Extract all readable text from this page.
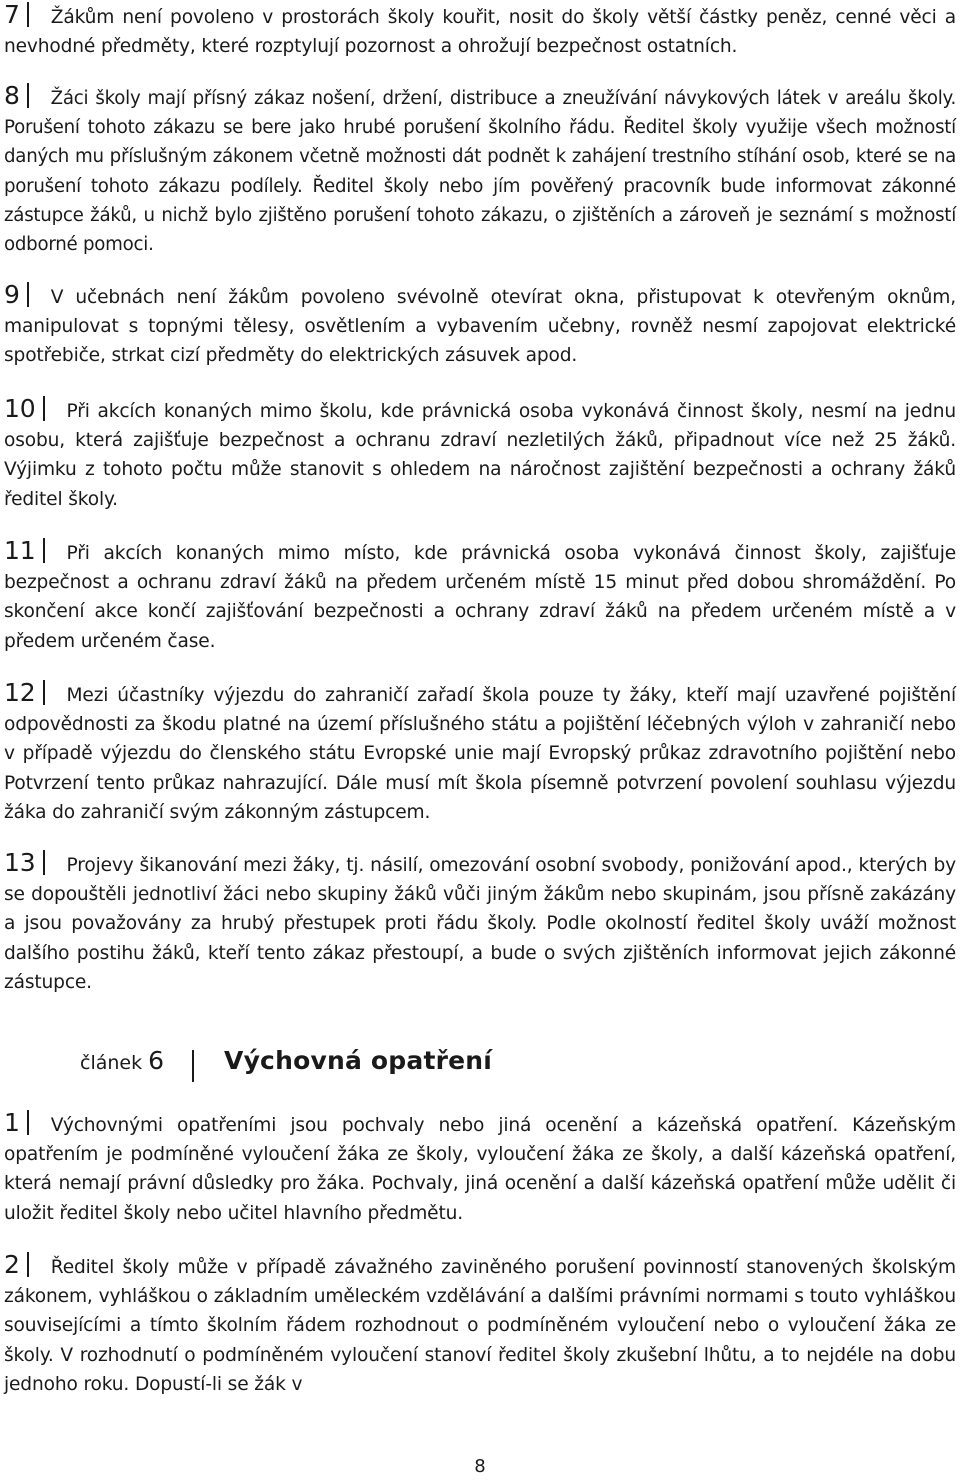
7 Žákům není povoleno v prostorách školy kouřit, nosit do školy větší částky peněz, cenné věci a nevhodné předměty, které rozptylují pozornost a ohrožují bezpečnost ostatních.

8 Žáci školy mají přísný zákaz nošení, držení, distribuce a zneužívání návykových látek v areálu školy. Porušení tohoto zákazu se bere jako hrubé porušení školního řádu. Ředitel školy využije všech možností daných mu příslušným zákonem včetně možnosti dát podnět k zahájení trestního stíhání osob, které se na porušení tohoto zákazu podílely. Ředitel školy nebo jím pověřený pracovník bude informovat zákonné zástupce žáků, u nichž bylo zjištěno porušení tohoto zákazu, o zjištěních a zároveň je seznámí s možností odborné pomoci.

9 V učebnách není žákům povoleno svévolně otevírat okna, přistupovat k otevřeným oknům, manipulovat s topnými tělesy, osvětlením a vybavením učebny, rovněž nesmí zapojovat elektrické spotřebiče, strkat cizí předměty do elektrických zásuvek apod.

10 Při akcích konaných mimo školu, kde právnická osoba vykonává činnost školy, nesmí na jednu osobu, která zajišťuje bezpečnost a ochranu zdraví nezletilých žáků, připadnout více než 25 žáků. Výjimku z tohoto počtu může stanovit s ohledem na náročnost zajištění bezpečnosti a ochrany žáků ředitel školy.

11 Při akcích konaných mimo místo, kde právnická osoba vykonává činnost školy, zajišťuje bezpečnost a ochranu zdraví žáků na předem určeném místě 15 minut před dobou shromáždění. Po skončení akce končí zajišťování bezpečnosti a ochrany zdraví žáků na předem určeném místě a v předem určeném čase.

12 Mezi účastníky výjezdu do zahraničí zařadí škola pouze ty žáky, kteří mají uzavřené pojištění odpovědnosti za škodu platné na území příslušného státu a pojištění léčebných výloh v zahraničí nebo v případě výjezdu do členského státu Evropské unie mají Evropský průkaz zdravotního pojištění nebo Potvrzení tento průkaz nahrazující. Dále musí mít škola písemně potvrzení povolení souhlasu výjezdu žáka do zahraničí svým zákonným zástupcem.

13 Projevy šikanování mezi žáky, tj. násilí, omezování osobní svobody, ponižování apod., kterých by se dopouštěli jednotliví žáci nebo skupiny žáků vůči jiným žákům nebo skupinám, jsou přísně zakázány a jsou považovány za hrubý přestupek proti řádu školy. Podle okolností ředitel školy uváží možnost dalšího postihu žáků, kteří tento zákaz přestoupí, a bude o svých zjištěních informovat jejich zákonné zástupce.

článek 6 Výchovná opatření

1 Výchovnými opatřeními jsou pochvaly nebo jiná ocenění a kázeňská opatření. Kázeňským opatřením je podmíněné vyloučení žáka ze školy, vyloučení žáka ze školy, a další kázeňská opatření, která nemají právní důsledky pro žáka. Pochvaly, jiná ocenění a další kázeňská opatření může udělit či uložit ředitel školy nebo učitel hlavního předmětu.

2 Ředitel školy může v případě závažného zaviněného porušení povinností stanovených školským zákonem, vyhláškou o základním uměleckém vzdělávání a dalšími právními normami s touto vyhláškou souvisejícími a tímto školním řádem rozhodnout o podmíněném vyloučení nebo o vyloučení žáka ze školy. V rozhodnutí o podmíněném vyloučení stanoví ředitel školy zkušební lhůtu, a to nejdéle na dobu jednoho roku. Dopustí-li se žák v

8
